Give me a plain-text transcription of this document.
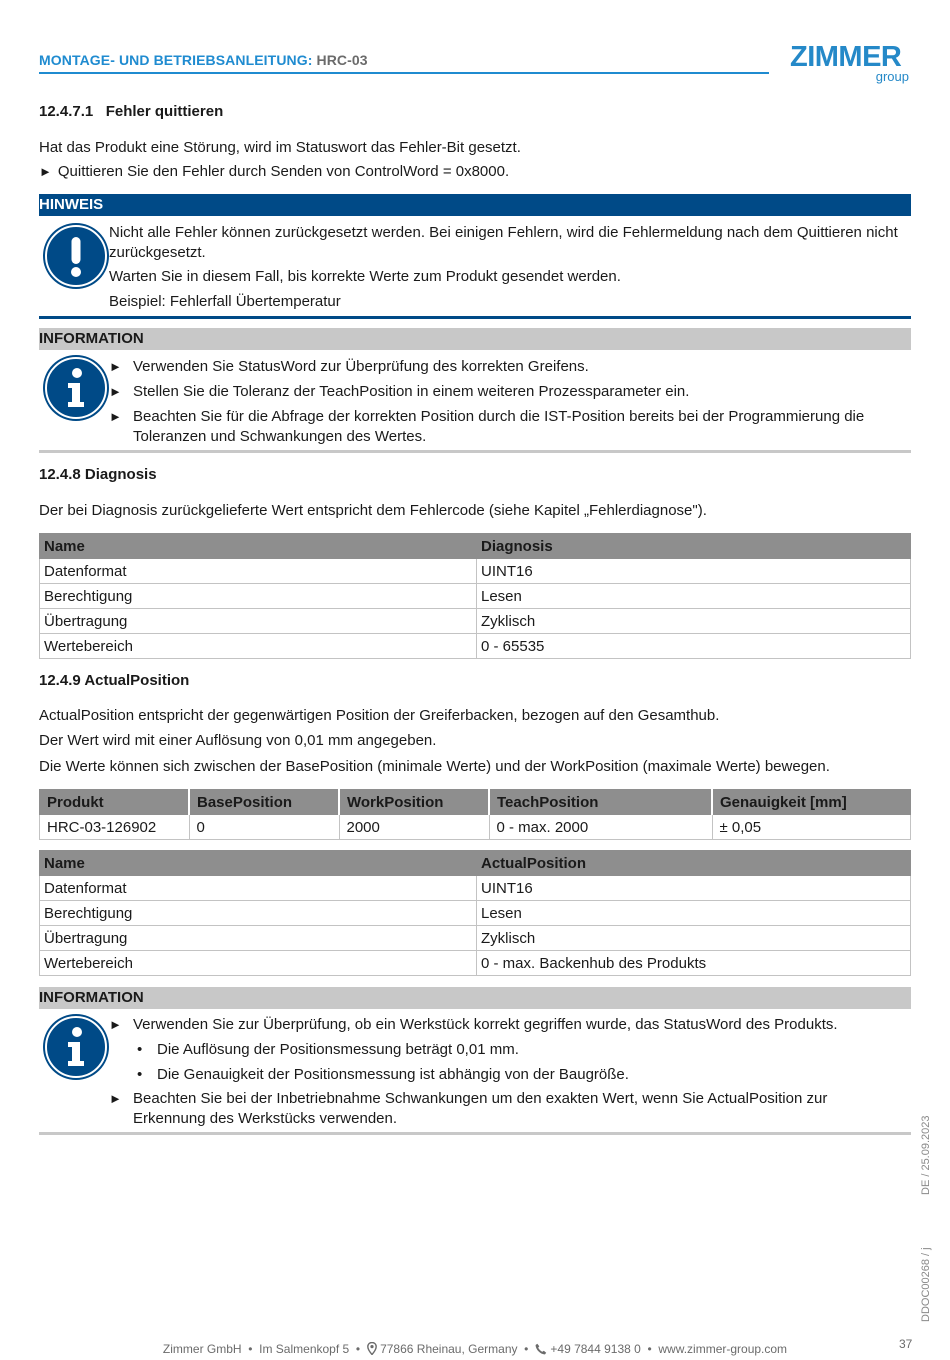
MONTAGE- UND BETRIEBSANLEITUNG: HRC-03	ZIMMER
group
12.4.7.1   Fehler quittieren

Hat das Produkt eine Störung, wird im Statuswort das Fehler-Bit gesetzt.

► Quittieren Sie den Fehler durch Senden von ControlWord = 0x8000.

HINWEIS
Nicht alle Fehler können zurückgesetzt werden. Bei einigen Fehlern, wird die Fehlermeldung nach dem Quittieren nicht zurückgesetzt.
Warten Sie in diesem Fall, bis korrekte Werte zum Produkt gesendet werden.
Beispiel: Fehlerfall Übertemperatur
INFORMATION
► Verwenden Sie StatusWord zur Überprüfung des korrekten Greifens.
► Stellen Sie die Toleranz der TeachPosition in einem weiteren Prozessparameter ein.
► Beachten Sie für die Abfrage der korrekten Position durch die IST-Position bereits bei der Programmierung die Toleranzen und Schwankungen des Wertes.
12.4.8 Diagnosis

Der bei Diagnosis zurückgelieferte Wert entspricht dem Fehlercode (siehe Kapitel „Fehlerdiagnose").

Name	Diagnosis
Datenformat	UINT16
Berechtigung	Lesen
Übertragung	Zyklisch
Wertebereich	0 - 65535
12.4.9 ActualPosition

ActualPosition entspricht der gegenwärtigen Position der Greiferbacken, bezogen auf den Gesamthub.

Der Wert wird mit einer Auflösung von 0,01 mm angegeben.

Die Werte können sich zwischen der BasePosition (minimale Werte) und der WorkPosition (maximale Werte) bewegen.

Produkt	BasePosition	WorkPosition	TeachPosition	Genauigkeit [mm]
HRC-03-126902	0	2000	0 - max. 2000	± 0,05
Name	ActualPosition
Datenformat	UINT16
Berechtigung	Lesen
Übertragung	Zyklisch
Wertebereich	0 - max. Backenhub des Produkts
INFORMATION
► Verwenden Sie zur Überprüfung, ob ein Werkstück korrekt gegriffen wurde, das StatusWord des Produkts.
• Die Auflösung der Positionsmessung beträgt 0,01 mm.
• Die Genauigkeit der Positionsmessung ist abhängig von der Baugröße.
► Beachten Sie bei der Inbetriebnahme Schwankungen um den exakten Wert, wenn Sie ActualPosition zur Erkennung des Werkstücks verwenden.	DE / 25.09.2023
DDOC00268 / j
Zimmer GmbH  •  Im Salmenkopf 5  •   77866 Rheinau, Germany  •   +49 7844 9138 0  •  www.zimmer-group.com	37
